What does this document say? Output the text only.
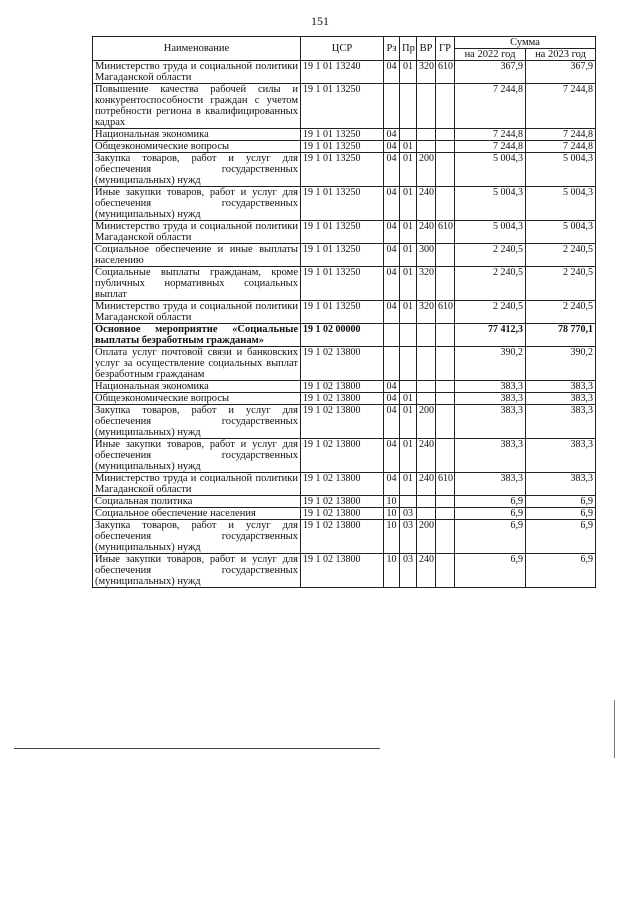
151
Наименование	ЦСР	Рз	Пр	ВР	ГР	Сумма	
						на 2022 год	на 2023 год
Министерство труда и социальной политики Магаданской области	19 1 01 13240	04	01	320	610	367,9	367,9
Повышение качества рабочей силы и конкурентоспособности граждан с учетом потребности региона в квалифицированных кадрах	19 1 01 13250					7 244,8	7 244,8
Национальная экономика	19 1 01 13250	04				7 244,8	7 244,8
Общеэкономические вопросы	19 1 01 13250	04	01			7 244,8	7 244,8
Закупка товаров, работ и услуг для обеспечения государственных (муниципальных) нужд	19 1 01 13250	04	01	200		5 004,3	5 004,3
Иные закупки товаров, работ и услуг для обеспечения государственных (муниципальных) нужд	19 1 01 13250	04	01	240		5 004,3	5 004,3
Министерство труда и социальной политики Магаданской области	19 1 01 13250	04	01	240	610	5 004,3	5 004,3
Социальное обеспечение и иные выплаты населению	19 1 01 13250	04	01	300		2 240,5	2 240,5
Социальные выплаты гражданам, кроме публичных нормативных социальных выплат	19 1 01 13250	04	01	320		2 240,5	2 240,5
Министерство труда и социальной политики Магаданской области	19 1 01 13250	04	01	320	610	2 240,5	2 240,5
Основное мероприятие «Социальные выплаты безработным гражданам»	19 1 02 00000					77 412,3	78 770,1
Оплата услуг почтовой связи и банковских услуг за осуществление социальных выплат безработным гражданам	19 1 02 13800					390,2	390,2
Национальная экономика	19 1 02 13800	04				383,3	383,3
Общеэкономические вопросы	19 1 02 13800	04	01			383,3	383,3
Закупка товаров, работ и услуг для обеспечения государственных (муниципальных) нужд	19 1 02 13800	04	01	200		383,3	383,3
Иные закупки товаров, работ и услуг для обеспечения государственных (муниципальных) нужд	19 1 02 13800	04	01	240		383,3	383,3
Министерство труда и социальной политики Магаданской области	19 1 02 13800	04	01	240	610	383,3	383,3
Социальная политика	19 1 02 13800	10				6,9	6,9
Социальное обеспечение населения	19 1 02 13800	10	03			6,9	6,9
Закупка товаров, работ и услуг для обеспечения государственных (муниципальных) нужд	19 1 02 13800	10	03	200		6,9	6,9
Иные закупки товаров, работ и услуг для обеспечения государственных (муниципальных) нужд	19 1 02 13800	10	03	240		6,9	6,9
